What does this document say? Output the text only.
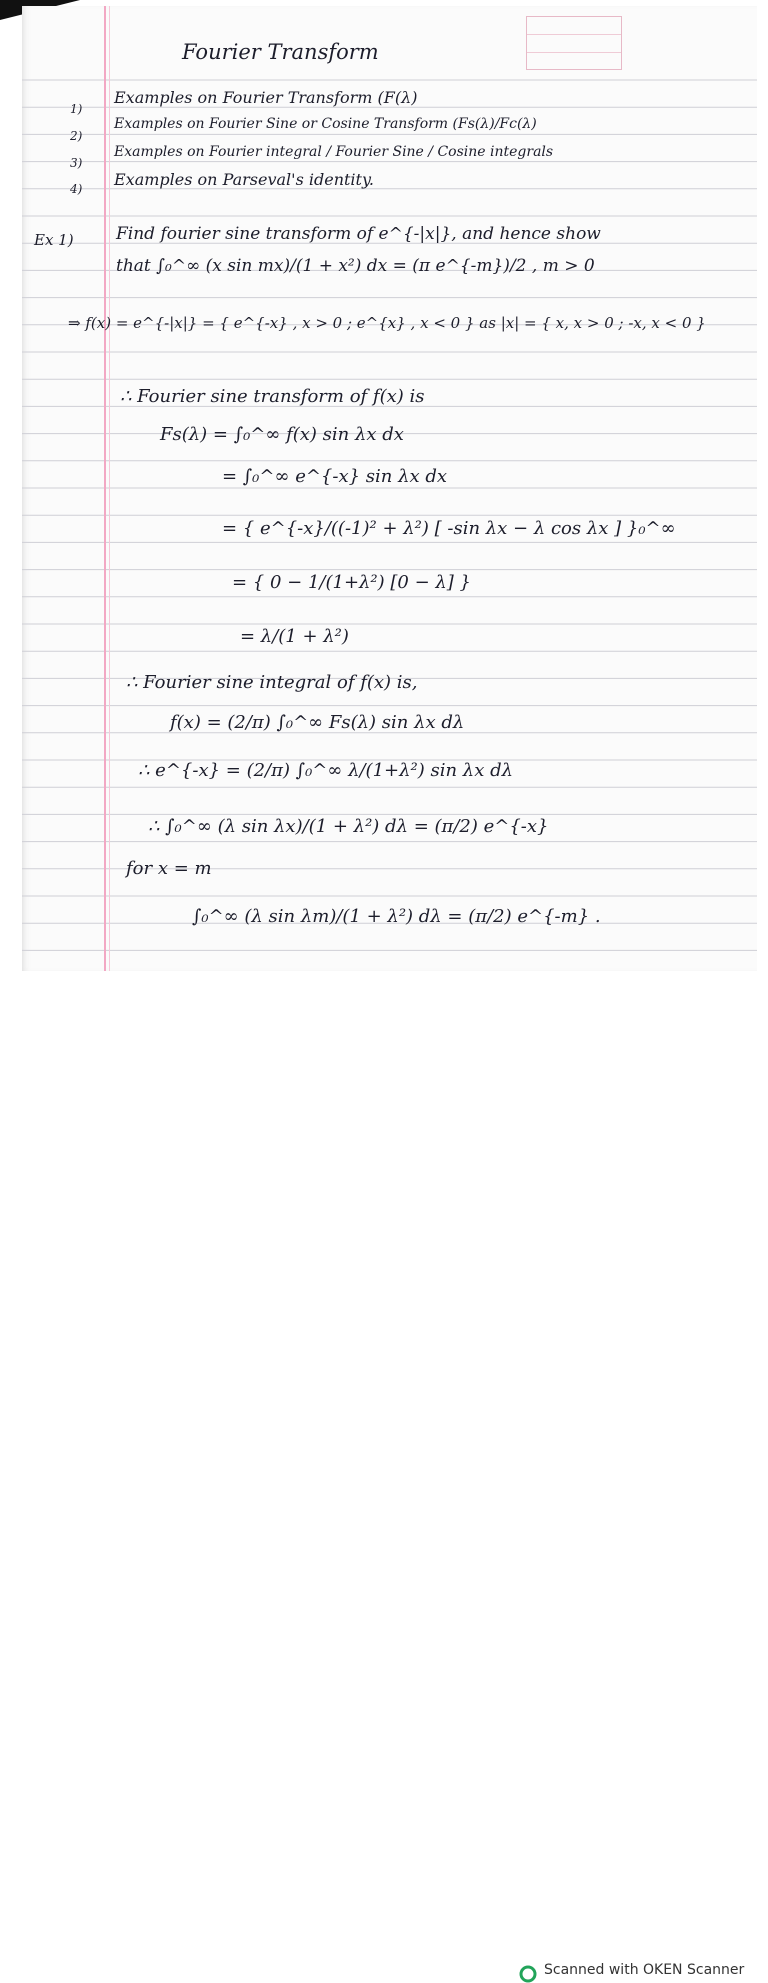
Fourier Transform
1)
Examples on Fourier Transform (F(λ)
2)
Examples on Fourier Sine or Cosine Transform (Fs(λ)/Fc(λ)
3)
Examples on Fourier integral / Fourier Sine / Cosine integrals
4) Examples on Parseval's identity.
Ex 1) Find fourier sine transform of e^{-|x|}, and hence show
that ∫₀^∞ (x sin mx)/(1 + x²) dx = (π e^{-m})/2 , m > 0
⇒ f(x) = e^{-|x|} = { e^{-x} , x > 0 ; e^{x} , x < 0 } as |x| = { x, x > 0 ; -x, x < 0 }
∴ Fourier sine transform of f(x) is
Fs(λ) = ∫₀^∞ f(x) sin λx dx
= ∫₀^∞ e^{-x} sin λx dx
= { e^{-x}/((-1)² + λ²) [ -sin λx − λ cos λx ] }₀^∞
= { 0 − 1/(1+λ²) [0 − λ] }
= λ/(1 + λ²)
∴ Fourier sine integral of f(x) is,
f(x) = (2/π) ∫₀^∞ Fs(λ) sin λx dλ
∴ e^{-x} = (2/π) ∫₀^∞ λ/(1+λ²) sin λx dλ
∴ ∫₀^∞ (λ sin λx)/(1 + λ²) dλ = (π/2) e^{-x}
for x = m
∫₀^∞ (λ sin λm)/(1 + λ²) dλ = (π/2) e^{-m} .
Scanned with OKEN Scanner
